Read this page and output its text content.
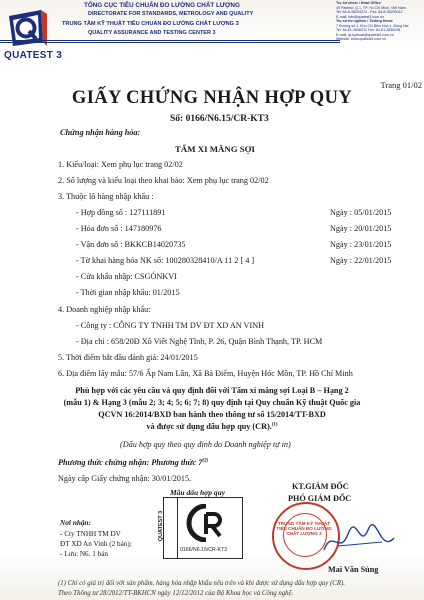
QUATEST 3
TỔNG CỤC TIÊU CHUẨN ĐO LƯỜNG CHẤT LƯỢNG
DIRECTORATE FOR STANDARDS, METROLOGY AND QUALITY
TRUNG TÂM KỸ THUẬT TIÊU CHUẨN ĐO LƯỜNG CHẤT LƯỢNG 3
QUALITY ASSURANCE AND TESTING CENTER 3
Trụ sở chính / Head Office
49 Pasteur, Q.1, TP. Hồ Chí Minh, Việt Nam
Tel: 84-8-38294274 - Fax: 84-8-38293012
E-mail: info@quatest3.com.vn
Trụ sở thí nghiệm / Testing Home
7 Đường số 1, Khu CN Biên Hòa 1, Đồng Nai
Tel: 84-61-3836212 Fax: 84-61-3836298
E-mail: qt-kythuat@quatest3.com.vn
Website: www.quatest3.com.vn
Trang 01/02
GIẤY CHỨNG NHẬN HỢP QUY
Số: 0166/N6.15/CR-KT3
Chứng nhận hàng hóa:
TẤM XI MĂNG SỢI
1. Kiểu/loại: Xem phụ lục trang 02/02
2. Số lượng và kiểu loại theo khai báo: Xem phụ lục trang 02/02
3. Thuộc lô hàng nhập khẩu :
- Hợp đồng số : 127111891	Ngày : 05/01/2015
- Hóa đơn số : 147180976	Ngày : 20/01/2015
- Vận đơn số : BKKCB14020735	Ngày : 23/01/2015
- Tờ khai hàng hóa NK số: 100280328410/A 11 2 [ 4 ]	Ngày : 22/01/2015
- Cửa khẩu nhập: CSGÓNKVI
- Thời gian nhập khẩu: 01/2015
4. Doanh nghiệp nhập khẩu:
- Công ty : CÔNG TY TNHH TM DV ĐT XD AN VINH
- Địa chỉ : 658/20Đ Xô Viết Nghệ Tĩnh, P. 26, Quận Bình Thạnh, TP. HCM
5. Thời điểm bắt đầu đánh giá: 24/01/2015
6. Địa điểm lấy mẫu: 57/6 Ấp Nam Lân, Xã Bà Điểm, Huyện Hóc Môn, TP. Hồ Chí Minh
Phù hợp với các yêu cầu và quy định đối với Tấm xi măng sợi Loại B – Hạng 2
(mẫu 1) & Hạng 3 (mẫu 2; 3; 4; 5; 6; 7; 8) quy định tại Quy chuẩn Kỹ thuật Quốc gia
QCVN 16:2014/BXD ban hành theo thông tư số 15/2014/TT-BXD
và được sử dụng dấu hợp quy (CR).$^{(1)}$
(Dấu hợp quy theo quy định do Doanh nghiệp tự in)
Phương thức chứng nhận: Phương thức 7$^{(2)}$
Ngày cấp Giấy chứng nhận: 30/01/2015.
Mẫu dấu hợp quy
QUATEST 3
0166/N6.15/CR-KT3
KT.GIÁM ĐỐC
PHÓ GIÁM ĐỐC
TRUNG TÂM KỸ THUẬT TIÊU CHUẨN ĐO LƯỜNG CHẤT LƯỢNG 3
Mai Văn Sủng
Nơi nhận:
- Cty TNHH TM DV
ĐT XD An Vinh (2 bản);
- Lưu: N6. 1 bản
(1) Chỉ có giá trị đối với sản phẩm, hàng hóa nhập khẩu nêu trên và khi được sử dụng dấu hợp quy (CR).
Theo Thông tư 28/2012/TT-BKHCN ngày 12/12/2012 của Bộ Khoa học và Công nghệ.
